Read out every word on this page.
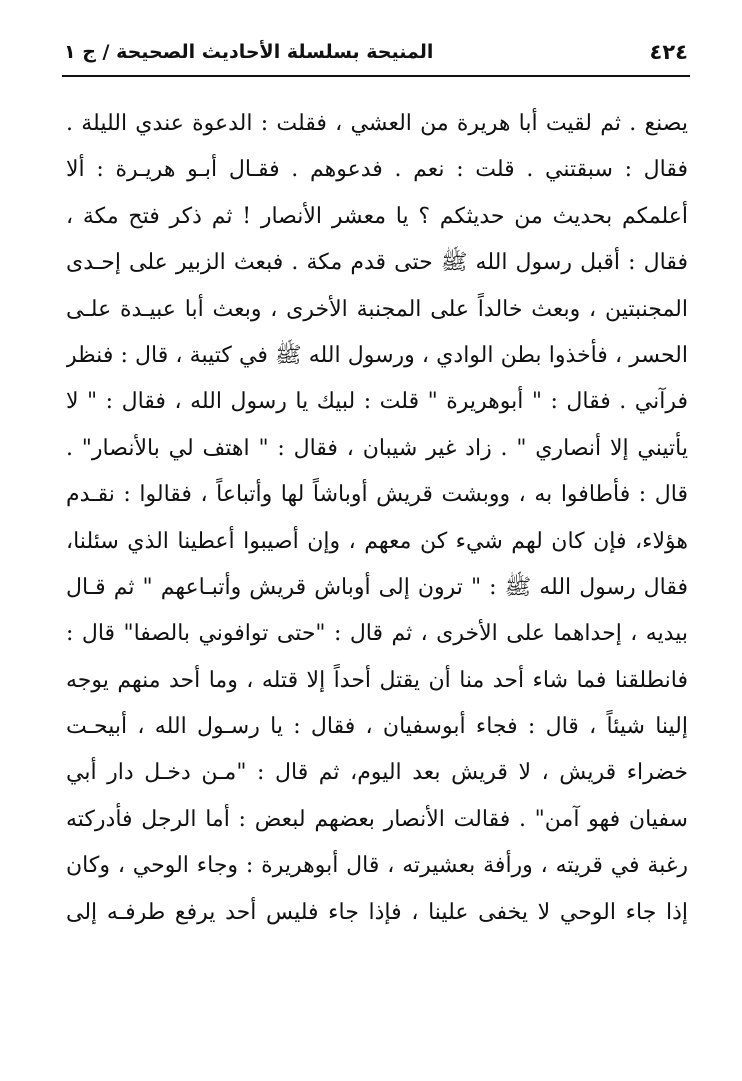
٤٢٤
المنيحة بسلسلة الأحاديث الصحيحة / ج ١
يصنع . ثم لقيت أبا هريرة من العشي ، فقلت : الدعوة عندي الليلة .
فقال : سبقتني . قلت : نعم . فدعوهم . فقـال أبـو هريـرة : ألا
أعلمكم بحديث من حديثكم ؟ يا معشر الأنصار ! ثم ذكر فتح مكة ،
فقال : أقبل رسول الله ﷺ حتى قدم مكة . فبعث الزبير على إحـدى
المجنبتين ، وبعث خالداً على المجنبة الأخرى ، وبعث أبا عبيـدة علـى
الحسر ، فأخذوا بطن الوادي ، ورسول الله ﷺ في كتيبة ، قال : فنظر
فرآني . فقال : " أبوهريرة " قلت : لبيك يا رسول الله ، فقال : " لا
يأتيني إلا أنصاري " . زاد غير شيبان ، فقال : " اهتف لي بالأنصار" .
قال : فأطافوا به ، ووبشت قريش أوباشاً لها وأتباعاً ، فقالوا : نقـدم
هؤلاء، فإن كان لهم شيء كن معهم ، وإن أصيبوا أعطينا الذي سئلنا،
فقال رسول الله ﷺ : " ترون إلى أوباش قريش وأتبـاعهم " ثم قـال
بيديه ، إحداهما على الأخرى ، ثم قال : "حتى توافوني بالصفا" قال :
فانطلقنا فما شاء أحد منا أن يقتل أحداً إلا قتله ، وما أحد منهم يوجه
إلينا شيئاً ، قال : فجاء أبوسفيان ، فقال : يا رسـول الله ، أبيحـت
خضراء قريش ، لا قريش بعد اليوم، ثم قال : "مـن دخـل دار أبي
سفيان فهو آمن" . فقالت الأنصار بعضهم لبعض : أما الرجل فأدركته
رغبة في قريته ، ورأفة بعشيرته ، قال أبوهريرة : وجاء الوحي ، وكان
إذا جاء الوحي لا يخفى علينا ، فإذا جاء فليس أحد يرفع طرفـه إلى
